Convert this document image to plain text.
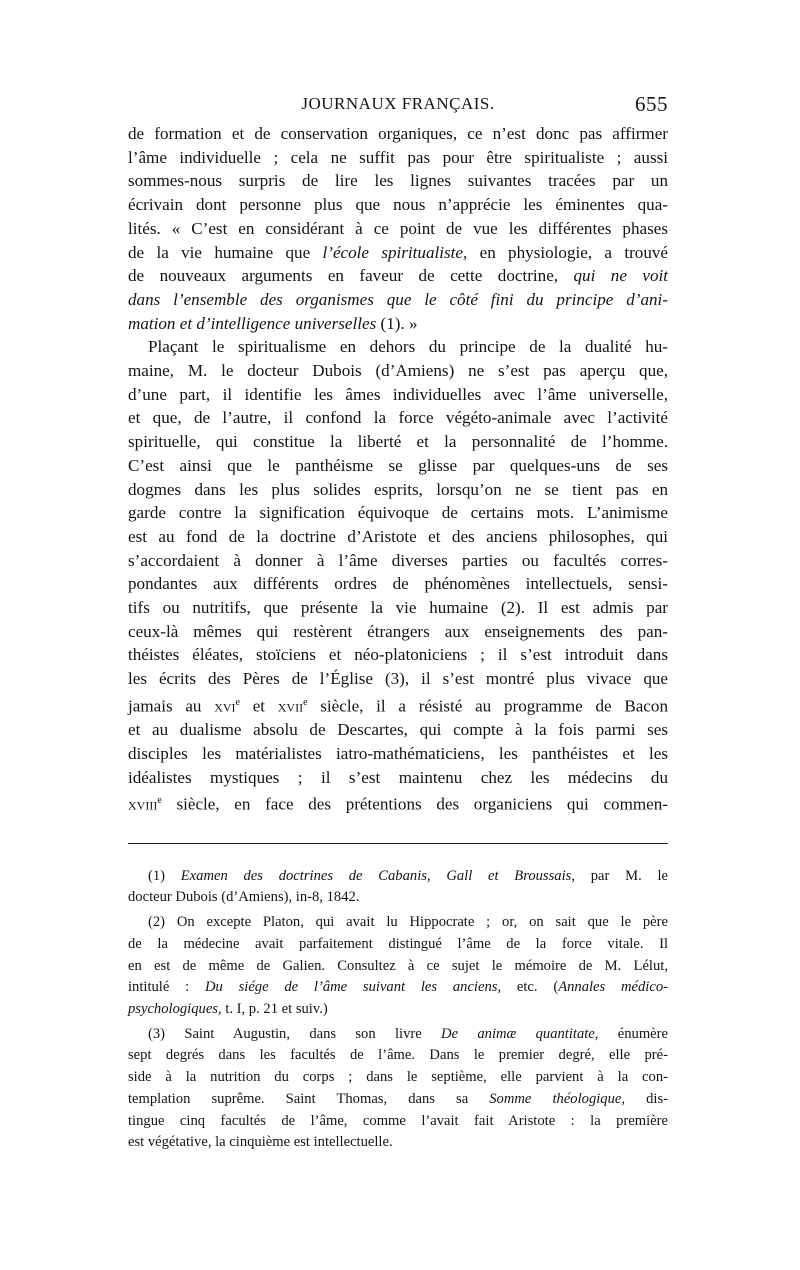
JOURNAUX FRANÇAIS.	655
de formation et de conservation organiques, ce n’est donc pas affirmer
l’âme individuelle ; cela ne suffit pas pour être spiritualiste ; aussi
sommes-nous surpris de lire les lignes suivantes tracées par un
écrivain dont personne plus que nous n’apprécie les éminentes qua-
lités. « C’est en considérant à ce point de vue les différentes phases
de la vie humaine que l’école spiritualiste, en physiologie, a trouvé
de nouveaux arguments en faveur de cette doctrine, qui ne voit
dans l’ensemble des organismes que le côté fini du principe d’ani-
mation et d’intelligence universelles (1). »
Plaçant le spiritualisme en dehors du principe de la dualité hu-
maine, M. le docteur Dubois (d’Amiens) ne s’est pas aperçu que,
d’une part, il identifie les âmes individuelles avec l’âme universelle,
et que, de l’autre, il confond la force végéto-animale avec l’activité
spirituelle, qui constitue la liberté et la personnalité de l’homme.
C’est ainsi que le panthéisme se glisse par quelques-uns de ses
dogmes dans les plus solides esprits, lorsqu’on ne se tient pas en
garde contre la signification équivoque de certains mots. L’animisme
est au fond de la doctrine d’Aristote et des anciens philosophes, qui
s’accordaient à donner à l’âme diverses parties ou facultés corres-
pondantes aux différents ordres de phénomènes intellectuels, sensi-
tifs ou nutritifs, que présente la vie humaine (2). Il est admis par
ceux-là mêmes qui restèrent étrangers aux enseignements des pan-
théistes éléates, stoïciens et néo-platoniciens ; il s’est introduit dans
les écrits des Pères de l’Église (3), il s’est montré plus vivace que
jamais au xvi$^e$ et xvii$^e$ siècle, il a résisté au programme de Bacon
et au dualisme absolu de Descartes, qui compte à la fois parmi ses
disciples les matérialistes iatro-mathématiciens, les panthéistes et les
idéalistes mystiques ; il s’est maintenu chez les médecins du
xviii$^e$ siècle, en face des prétentions des organiciens qui commen-
(1) Examen des doctrines de Cabanis, Gall et Broussais, par M. le
docteur Dubois (d’Amiens), in-8, 1842.
(2) On excepte Platon, qui avait lu Hippocrate ; or, on sait que le père
de la médecine avait parfaitement distingué l’âme de la force vitale. Il
en est de même de Galien. Consultez à ce sujet le mémoire de M. Lélut,
intitulé : Du siége de l’âme suivant les anciens, etc. (Annales médico-
psychologiques, t. I, p. 21 et suiv.)
(3) Saint Augustin, dans son livre De animæ quantitate, énumère
sept degrés dans les facultés de l’âme. Dans le premier degré, elle pré-
side à la nutrition du corps ; dans le septième, elle parvient à la con-
templation suprême. Saint Thomas, dans sa Somme théologique, dis-
tingue cinq facultés de l’âme, comme l’avait fait Aristote : la première
est végétative, la cinquième est intellectuelle.
